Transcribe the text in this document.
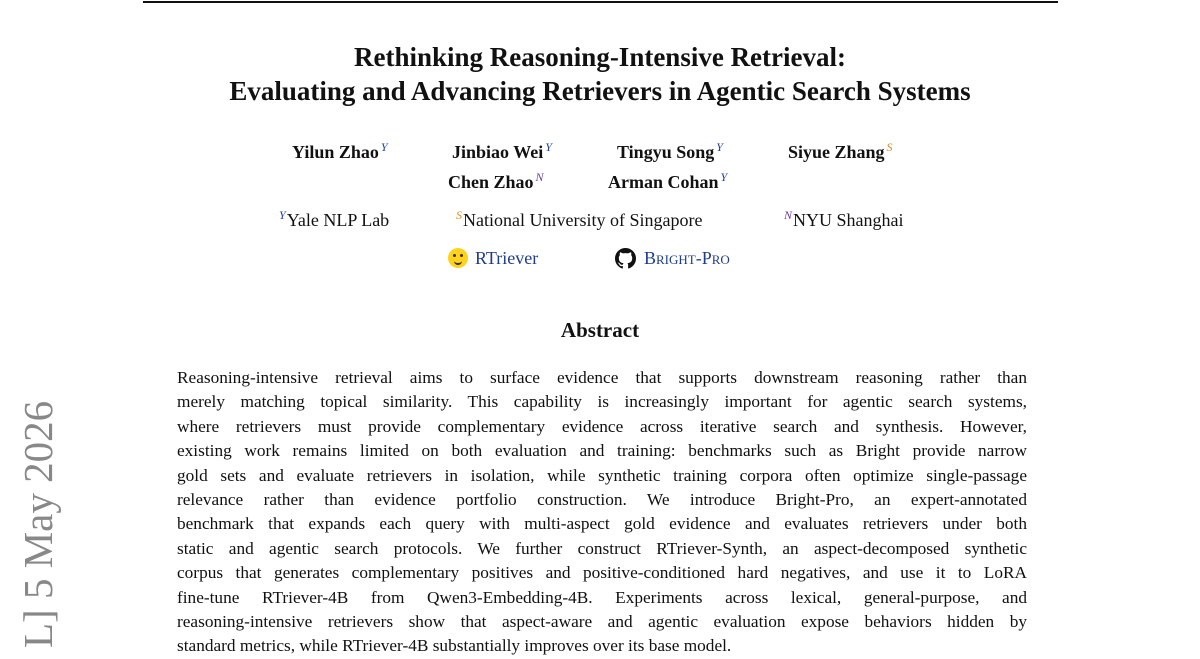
Rethinking Reasoning-Intensive Retrieval:
Evaluating and Advancing Retrievers in Agentic Search Systems
Yilun Zhao $^Y$	Jinbiao Wei $^Y$	Tingyu Song $^Y$	Siyue Zhang $^S$
Chen Zhao $^N$	Arman Cohan $^Y$
$^Y$Yale NLP Lab	$^S$National University of Singapore	$^N$NYU Shanghai
RTriever	Bright-Pro
Abstract
Reasoning-intensive retrieval aims to surface evidence that supports downstream reasoning rather than
merely matching topical similarity. This capability is increasingly important for agentic search systems,
where retrievers must provide complementary evidence across iterative search and synthesis. However,
existing work remains limited on both evaluation and training: benchmarks such as Bright provide narrow
gold sets and evaluate retrievers in isolation, while synthetic training corpora often optimize single-passage
relevance rather than evidence portfolio construction. We introduce Bright-Pro, an expert-annotated
benchmark that expands each query with multi-aspect gold evidence and evaluates retrievers under both
static and agentic search protocols. We further construct RTriever-Synth, an aspect-decomposed synthetic
corpus that generates complementary positives and positive-conditioned hard negatives, and use it to LoRA
fine-tune RTriever-4B from Qwen3-Embedding-4B. Experiments across lexical, general-purpose, and
reasoning-intensive retrievers show that aspect-aware and agentic evaluation expose behaviors hidden by
standard metrics, while RTriever-4B substantially improves over its base model.
L] 5 May 2026
